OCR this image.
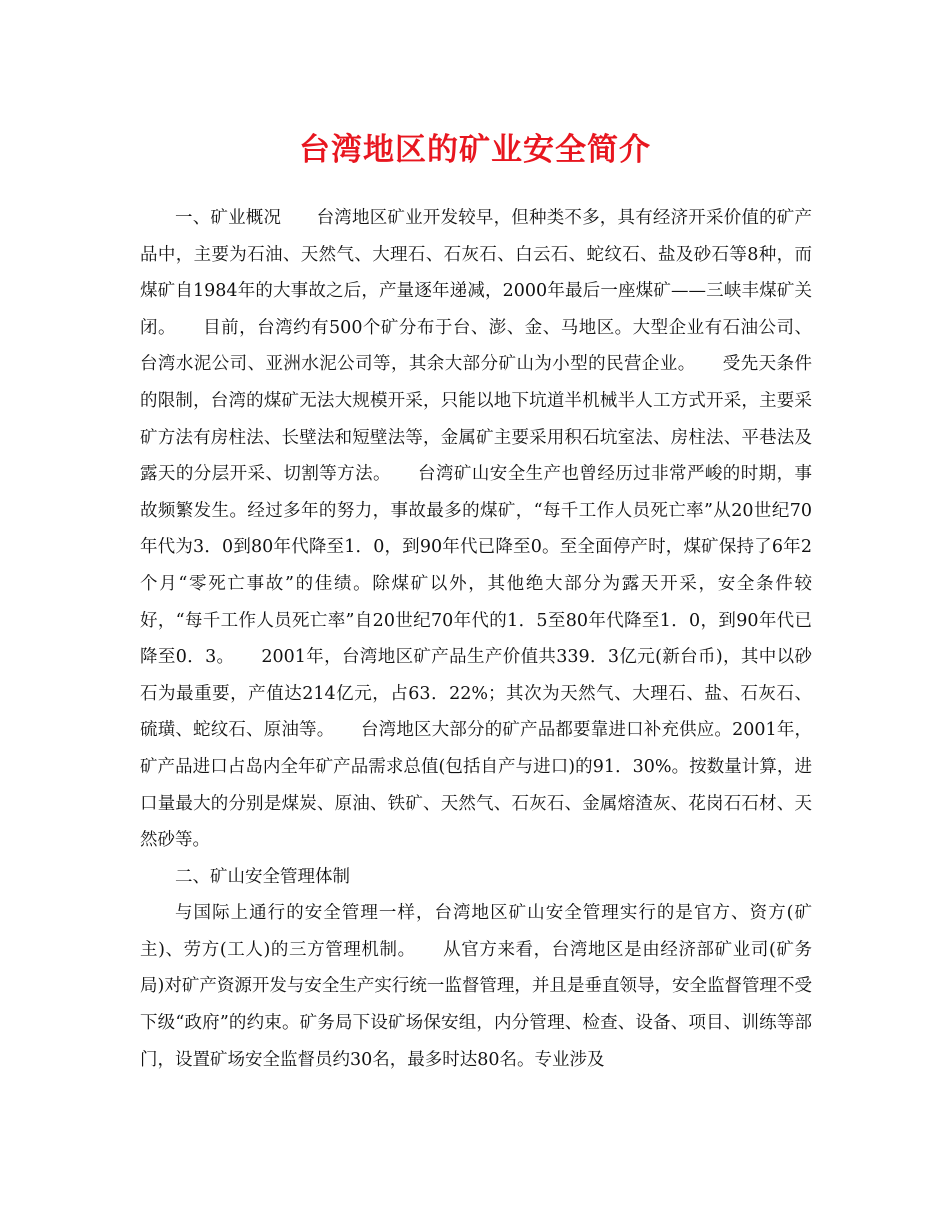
台湾地区的矿业安全简介

一、矿业概况　　台湾地区矿业开发较早，但种类不多，具有经济开采价值的矿产品中，主要为石油、天然气、大理石、石灰石、白云石、蛇纹石、盐及砂石等8种，而煤矿自1984年的大事故之后，产量逐年递减，2000年最后一座煤矿——三峡丰煤矿关闭。　　目前，台湾约有500个矿分布于台、澎、金、马地区。大型企业有石油公司、台湾水泥公司、亚洲水泥公司等，其余大部分矿山为小型的民营企业。　　受先天条件的限制，台湾的煤矿无法大规模开采，只能以地下坑道半机械半人工方式开采，主要采矿方法有房柱法、长壁法和短壁法等，金属矿主要采用积石坑室法、房柱法、平巷法及露天的分层开采、切割等方法。　　台湾矿山安全生产也曾经历过非常严峻的时期，事故频繁发生。经过多年的努力，事故最多的煤矿，“每千工作人员死亡率”从20世纪70年代为3．0到80年代降至1．0，到90年代已降至0。至全面停产时，煤矿保持了6年2个月“零死亡事故”的佳绩。除煤矿以外，其他绝大部分为露天开采，安全条件较好，“每千工作人员死亡率”自20世纪70年代的1．5至80年代降至1．0，到90年代已降至0．3。　　2001年，台湾地区矿产品生产价值共339．3亿元(新台币)，其中以砂石为最重要，产值达214亿元，占63．22%；其次为天然气、大理石、盐、石灰石、硫璜、蛇纹石、原油等。　　台湾地区大部分的矿产品都要靠进口补充供应。2001年，矿产品进口占岛内全年矿产品需求总值(包括自产与进口)的91．30%。按数量计算，进口量最大的分别是煤炭、原油、铁矿、天然气、石灰石、金属熔渣灰、花岗石石材、天然砂等。

二、矿山安全管理体制

与国际上通行的安全管理一样，台湾地区矿山安全管理实行的是官方、资方(矿主)、劳方(工人)的三方管理机制。　　从官方来看，台湾地区是由经济部矿业司(矿务局)对矿产资源开发与安全生产实行统一监督管理，并且是垂直领导，安全监督管理不受下级“政府”的约束。矿务局下设矿场保安组，内分管理、检查、设备、项目、训练等部门，设置矿场安全监督员约30名，最多时达80名。专业涉及
